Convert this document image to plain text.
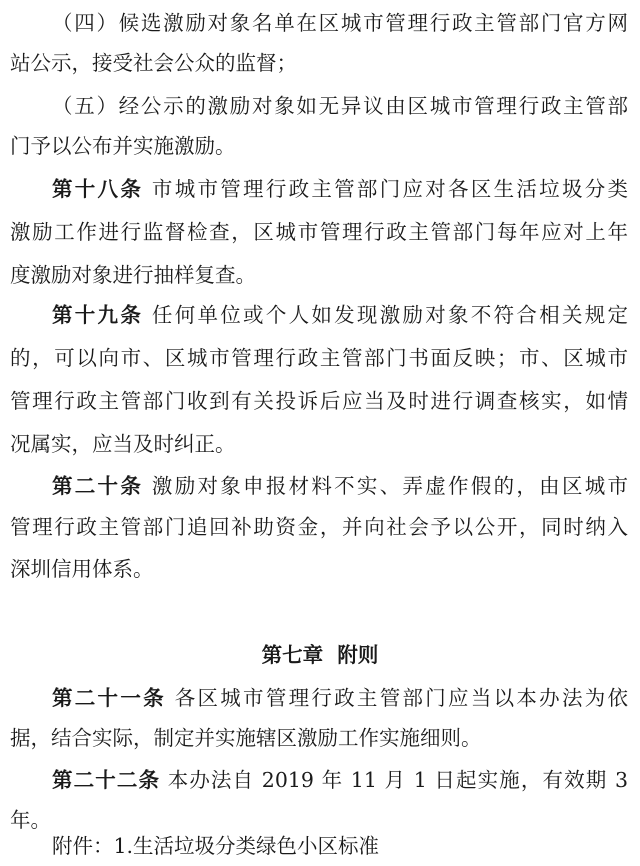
（四）候选激励对象名单在区城市管理行政主管部门官方网
站公示，接受社会公众的监督；
（五）经公示的激励对象如无异议由区城市管理行政主管部
门予以公布并实施激励。
第十八条 市城市管理行政主管部门应对各区生活垃圾分类
激励工作进行监督检查，区城市管理行政主管部门每年应对上年
度激励对象进行抽样复查。
第十九条 任何单位或个人如发现激励对象不符合相关规定
的，可以向市、区城市管理行政主管部门书面反映；市、区城市
管理行政主管部门收到有关投诉后应当及时进行调查核实，如情
况属实，应当及时纠正。
第二十条 激励对象申报材料不实、弄虚作假的，由区城市
管理行政主管部门追回补助资金，并向社会予以公开，同时纳入
深圳信用体系。
第七章  附则
第二十一条 各区城市管理行政主管部门应当以本办法为依
据，结合实际，制定并实施辖区激励工作实施细则。
第二十二条 本办法自 2019 年 11 月 1 日起实施，有效期 3
年。
附件：1.生活垃圾分类绿色小区标准
